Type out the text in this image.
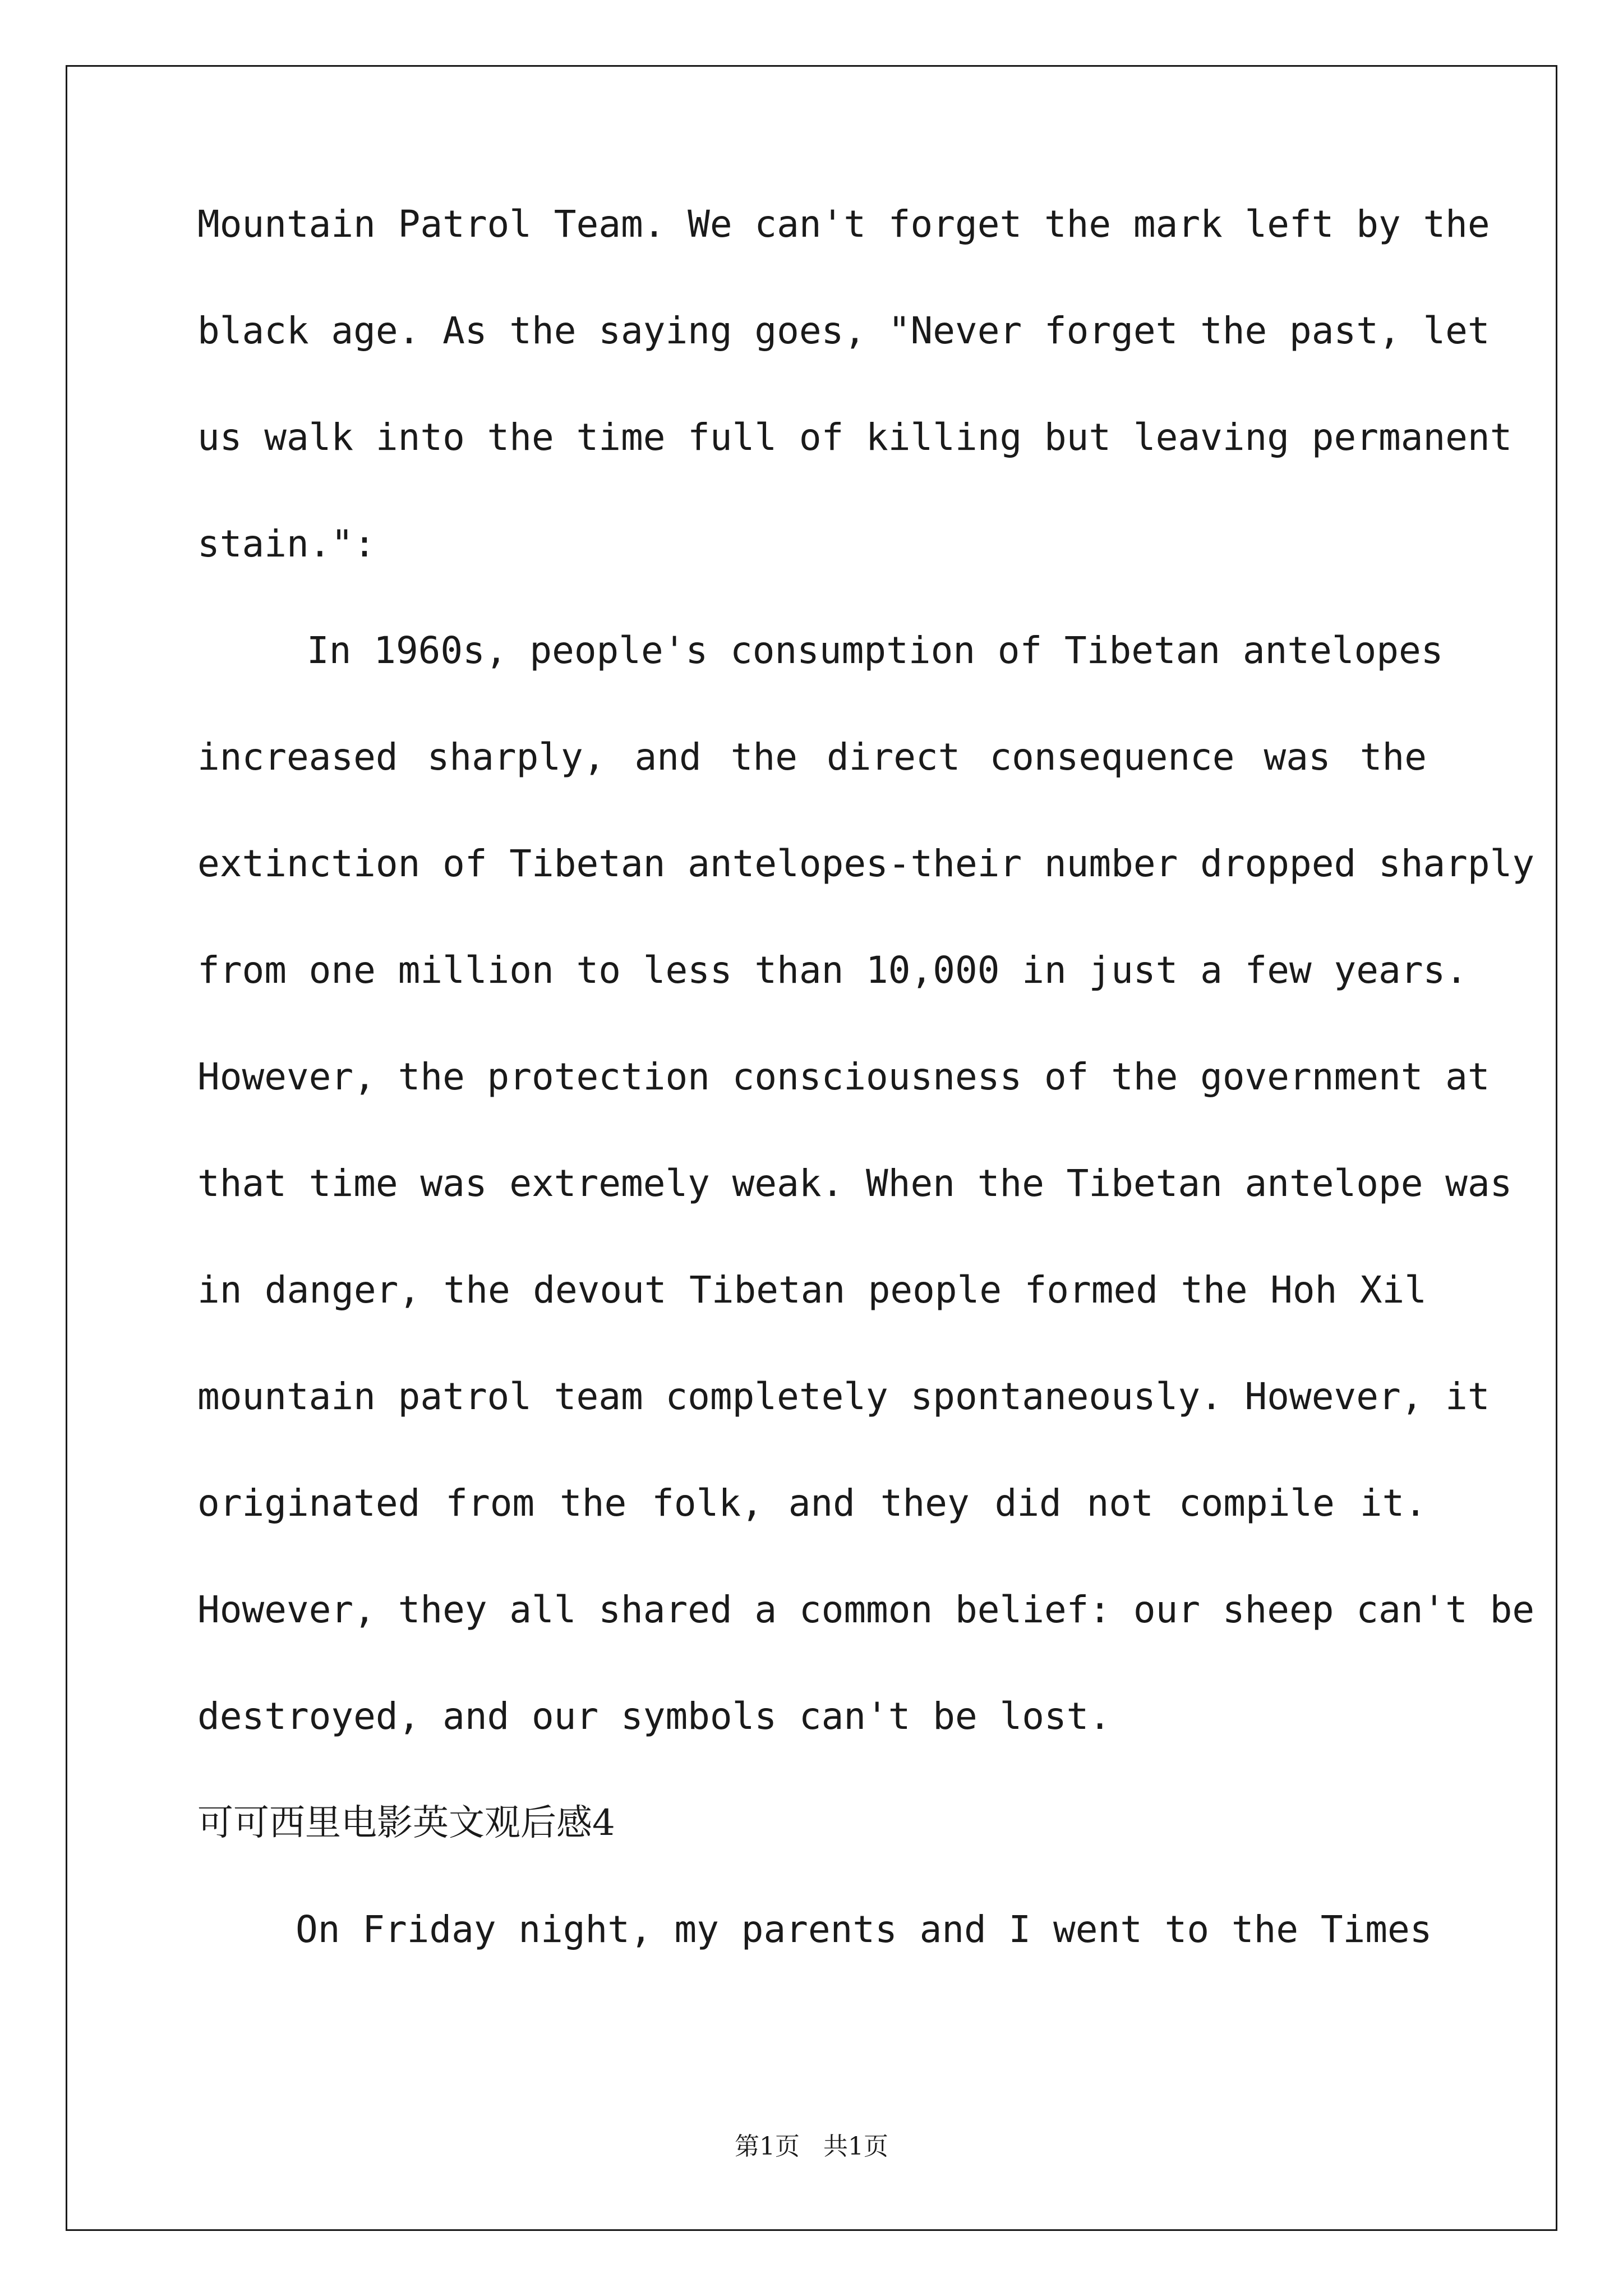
Mountain Patrol Team. We can't forget the mark left by the
black age. As the saying goes, "Never forget the past, let
us walk into the time full of killing but leaving permanent
stain.":
In 1960s, people's consumption of Tibetan antelopes
increased sharply, and the direct consequence was the
extinction of Tibetan antelopes-their number dropped sharply
from one million to less than 10,000 in just a few years.
However, the protection consciousness of the government at
that time was extremely weak. When the Tibetan antelope was
in danger, the devout Tibetan people formed the Hoh Xil
mountain patrol team completely spontaneously. However, it
originated from the folk, and they did not compile it.
However, they all shared a common belief: our sheep can't be
destroyed, and our symbols can't be lost.
可可西里电影英文观后感4
On Friday night, my parents and I went to the Times
第1页   共1页
